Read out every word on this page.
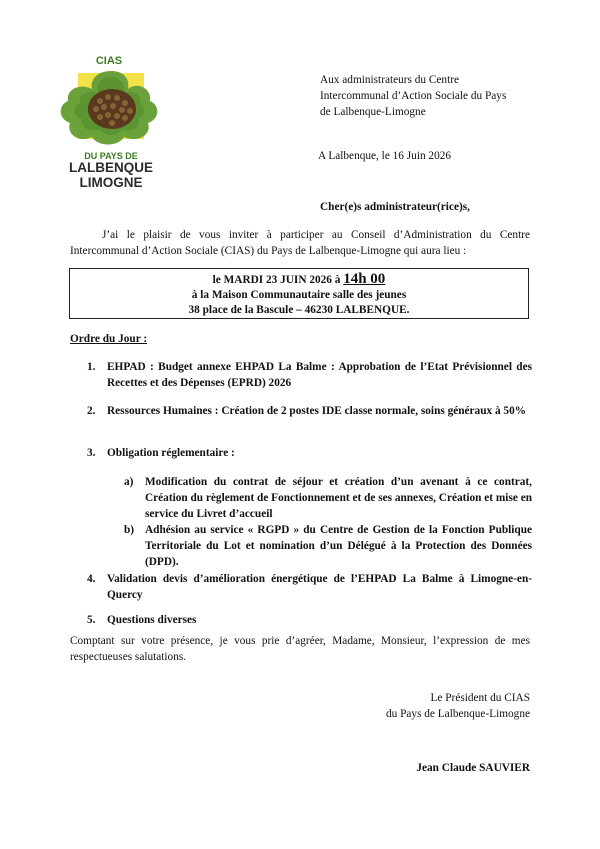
CIAS
DU PAYS DE
LALBENQUE
LIMOGNE
Aux administrateurs du Centre
Intercommunal d’Action Sociale du Pays
de Lalbenque-Limogne
A Lalbenque, le 16 Juin 2026
Cher(e)s administrateur(rice)s,
J’ai le plaisir de vous inviter à participer au Conseil d’Administration du Centre Intercommunal d’Action Sociale (CIAS) du Pays de Lalbenque-Limogne qui aura lieu :
le MARDI 23 JUIN 2026 à 14h 00
à la Maison Communautaire salle des jeunes
38 place de la Bascule – 46230 LALBENQUE.
Ordre du Jour :
1. EHPAD : Budget annexe EHPAD La Balme : Approbation de l’Etat Prévisionnel des Recettes et des Dépenses (EPRD) 2026
2. Ressources Humaines : Création de 2 postes IDE classe normale, soins généraux à 50%
3. Obligation réglementaire :
a) Modification du contrat de séjour et création d’un avenant à ce contrat, Création du règlement de Fonctionnement et de ses annexes, Création et mise en service du Livret d’accueil
b) Adhésion au service « RGPD » du Centre de Gestion de la Fonction Publique Territoriale du Lot et nomination d’un Délégué à la Protection des Données (DPD).
4. Validation devis d’amélioration énergétique de l’EHPAD La Balme à Limogne-en-Quercy
5. Questions diverses
Comptant sur votre présence, je vous prie d’agréer, Madame, Monsieur, l’expression de mes respectueuses salutations.
Le Président du CIAS
du Pays de Lalbenque-Limogne
Jean Claude SAUVIER
